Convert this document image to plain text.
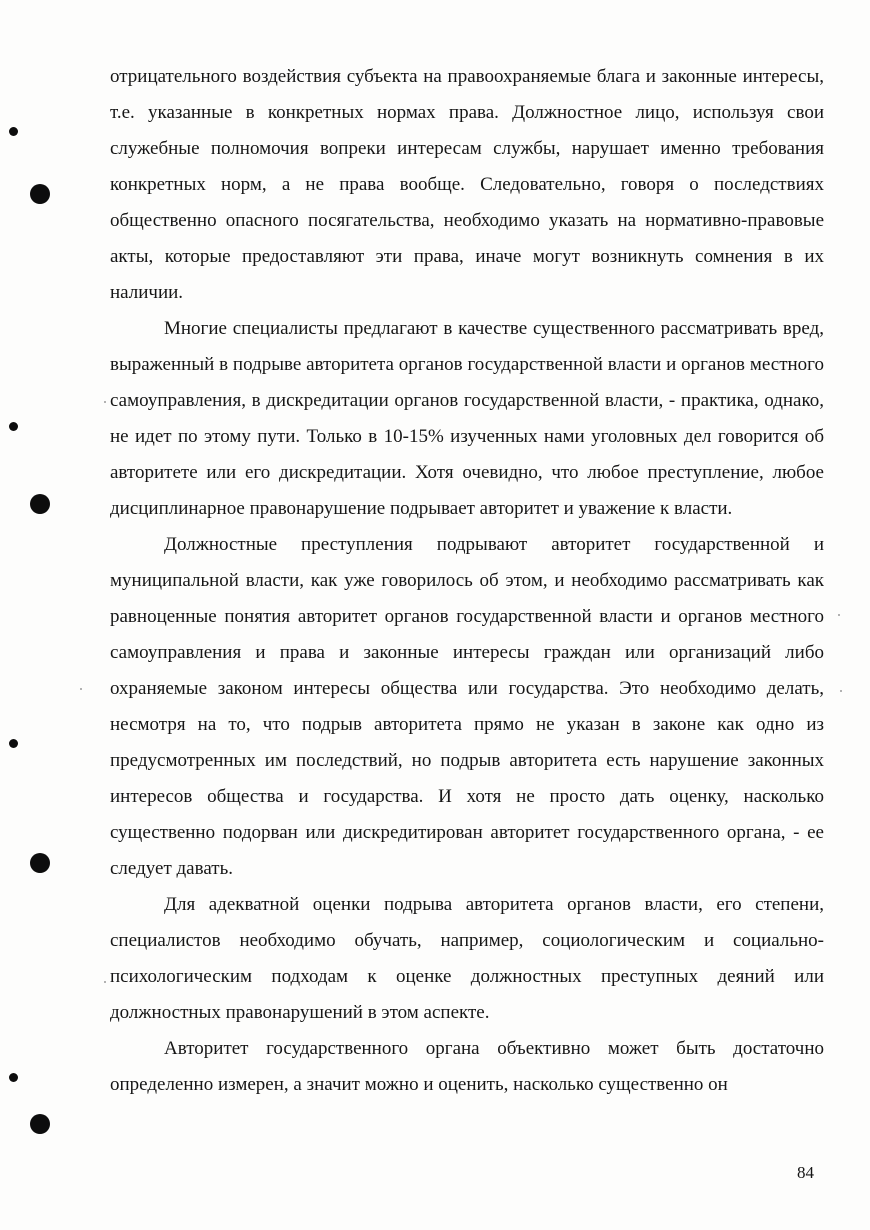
отрицательного воздействия субъекта на правоохраняемые блага и законные интересы, т.е. указанные в конкретных нормах права. Должностное лицо, используя свои служебные полномочия вопреки интересам службы, нарушает именно требования конкретных норм, а не права вообще. Следовательно, говоря о последствиях общественно опасного посягательства, необходимо указать на нормативно-правовые акты, которые предоставляют эти права, иначе могут возникнуть сомнения в их наличии.

Многие специалисты предлагают в качестве существенного рассматривать вред, выраженный в подрыве авторитета органов государственной власти и органов местного самоуправления, в дискредитации органов государственной власти, - практика, однако, не идет по этому пути. Только в 10-15% изученных нами уголовных дел говорится об авторитете или его дискредитации. Хотя очевидно, что любое преступление, любое дисциплинарное правонарушение подрывает авторитет и уважение к власти.

Должностные преступления подрывают авторитет государственной и муниципальной власти, как уже говорилось об этом, и необходимо рассматривать как равноценные понятия авторитет органов государственной власти и органов местного самоуправления и права и законные интересы граждан или организаций либо охраняемые законом интересы общества или государства. Это необходимо делать, несмотря на то, что подрыв авторитета прямо не указан в законе как одно из предусмотренных им последствий, но подрыв авторитета есть нарушение законных интересов общества и государства. И хотя не просто дать оценку, насколько существенно подорван или дискредитирован авторитет государственного органа, - ее следует давать.

Для адекватной оценки подрыва авторитета органов власти, его степени, специалистов необходимо обучать, например, социологическим и социально-психологическим подходам к оценке должностных преступных деяний или должностных правонарушений в этом аспекте.

Авторитет государственного органа объективно может быть достаточно определенно измерен, а значит можно и оценить, насколько существенно он

84
